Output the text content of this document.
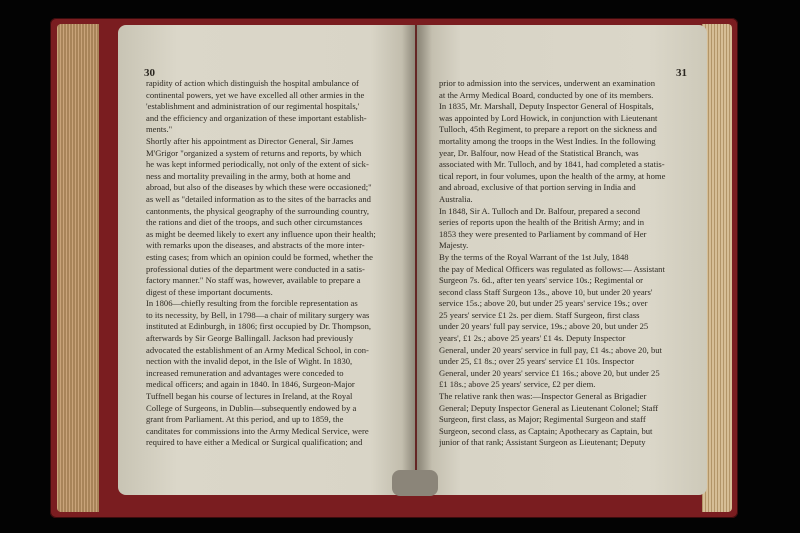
30
rapidity of action which distinguish the hospital ambulance of
continental powers, yet we have excelled all other armies in the
'establishment and administration of our regimental hospitals,'
and the efficiency and organization of these important establish-
ments."
Shortly after his appointment as Director General, Sir James
M'Grigor "organized a system of returns and reports, by which
he was kept informed periodically, not only of the extent of sick-
ness and mortality prevailing in the army, both at home and
abroad, but also of the diseases by which these were occasioned;"
as well as "detailed information as to the sites of the barracks and
cantonments, the physical geography of the surrounding country,
the rations and diet of the troops, and such other circumstances
as might be deemed likely to exert any influence upon their health;
with remarks upon the diseases, and abstracts of the more inter-
esting cases; from which an opinion could be formed, whether the
professional duties of the department were conducted in a satis-
factory manner." No staff was, however, available to prepare a
digest of these important documents.
In 1806—chiefly resulting from the forcible representation as
to its necessity, by Bell, in 1798—a chair of military surgery was
instituted at Edinburgh, in 1806; first occupied by Dr. Thompson,
afterwards by Sir George Ballingall. Jackson had previously
advocated the establishment of an Army Medical School, in con-
nection with the invalid depot, in the Isle of Wight. In 1830,
increased remuneration and advantages were conceded to
medical officers; and again in 1840. In 1846, Surgeon-Major
Tuffnell began his course of lectures in Ireland, at the Royal
College of Surgeons, in Dublin—subsequently endowed by a
grant from Parliament. At this period, and up to 1859, the
canditates for commissions into the Army Medical Service, were
required to have either a Medical or Surgical qualification; and
31
prior to admission into the services, underwent an examination
at the Army Medical Board, conducted by one of its members.
In 1835, Mr. Marshall, Deputy Inspector General of Hospitals,
was appointed by Lord Howick, in conjunction with Lieutenant
Tulloch, 45th Regiment, to prepare a report on the sickness and
mortality among the troops in the West Indies. In the following
year, Dr. Balfour, now Head of the Statistical Branch, was
associated with Mr. Tulloch, and by 1841, had completed a statis-
tical report, in four volumes, upon the health of the army, at home
and abroad, exclusive of that portion serving in India and
Australia.
In 1848, Sir A. Tulloch and Dr. Balfour, prepared a second
series of reports upon the health of the British Army; and in
1853 they were presented to Parliament by command of Her
Majesty.
By the terms of the Royal Warrant of the 1st July, 1848
the pay of Medical Officers was regulated as follows:— Assistant
Surgeon 7s. 6d., after ten years' service 10s.; Regimental or
second class Staff Surgeon 13s., above 10, but under 20 years'
service 15s.; above 20, but under 25 years' service 19s.; over
25 years' service £1 2s. per diem. Staff Surgeon, first class
under 20 years' full pay service, 19s.; above 20, but under 25
years', £1 2s.; above 25 years' £1 4s. Deputy Inspector
General, under 20 years' service in full pay, £1 4s.; above 20, but
under 25, £1 8s.; over 25 years' service £1 10s. Inspector
General, under 20 years' service £1 16s.; above 20, but under 25
£1 18s.; above 25 years' service, £2 per diem.
The relative rank then was:—Inspector General as Brigadier
General; Deputy Inspector General as Lieutenant Colonel; Staff
Surgeon, first class, as Major; Regimental Surgeon and staff
Surgeon, second class, as Captain; Apothecary as Captain, but
junior of that rank; Assistant Surgeon as Lieutenant; Deputy
